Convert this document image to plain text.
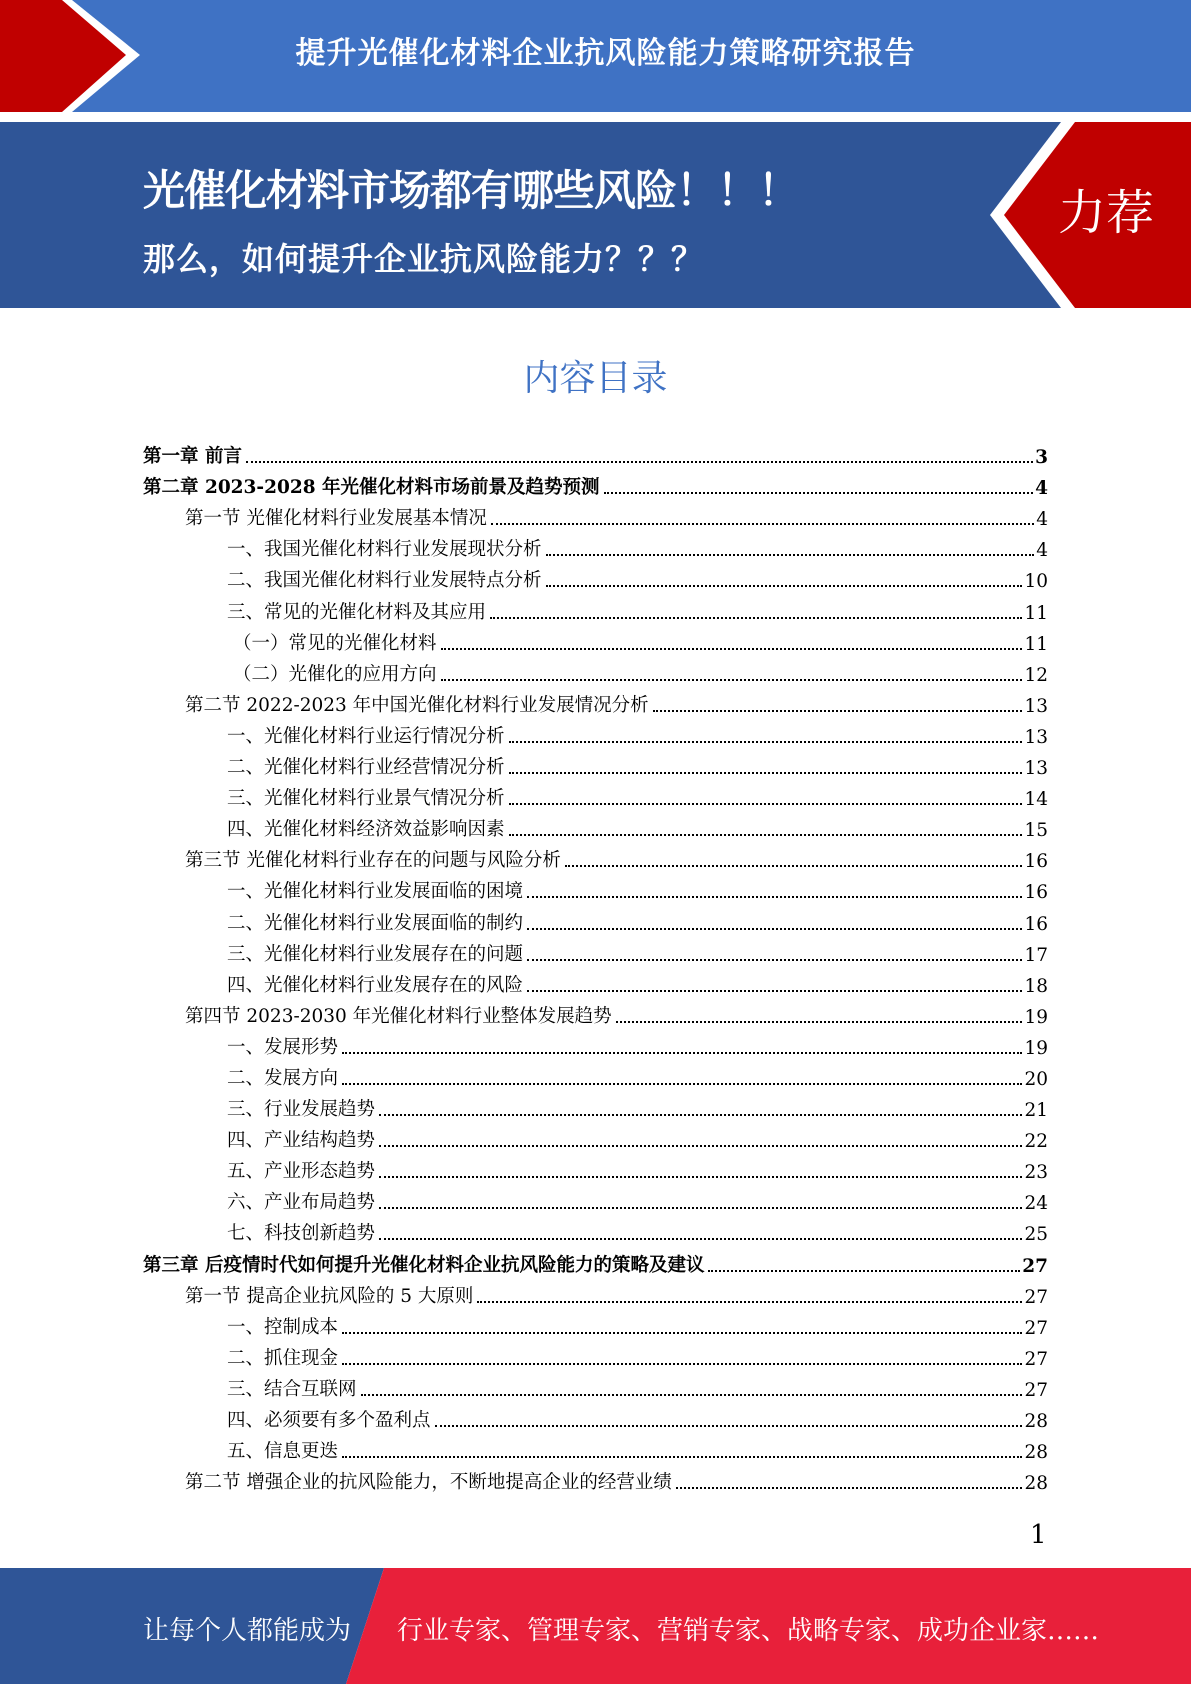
提升光催化材料企业抗风险能力策略研究报告
光催化材料市场都有哪些风险！！！
那么，如何提升企业抗风险能力？？？
力荐
内容目录
第一章 前言	3
第二章 2023-2028 年光催化材料市场前景及趋势预测	4
第一节 光催化材料行业发展基本情况	4
一、我国光催化材料行业发展现状分析	4
二、我国光催化材料行业发展特点分析	10
三、常见的光催化材料及其应用	11
（一）常见的光催化材料	11
（二）光催化的应用方向	12
第二节 2022-2023 年中国光催化材料行业发展情况分析	13
一、光催化材料行业运行情况分析	13
二、光催化材料行业经营情况分析	13
三、光催化材料行业景气情况分析	14
四、光催化材料经济效益影响因素	15
第三节 光催化材料行业存在的问题与风险分析	16
一、光催化材料行业发展面临的困境	16
二、光催化材料行业发展面临的制约	16
三、光催化材料行业发展存在的问题	17
四、光催化材料行业发展存在的风险	18
第四节 2023-2030 年光催化材料行业整体发展趋势	19
一、发展形势	19
二、发展方向	20
三、行业发展趋势	21
四、产业结构趋势	22
五、产业形态趋势	23
六、产业布局趋势	24
七、科技创新趋势	25
第三章 后疫情时代如何提升光催化材料企业抗风险能力的策略及建议	27
第一节 提高企业抗风险的 5 大原则	27
一、控制成本	27
二、抓住现金	27
三、结合互联网	27
四、必须要有多个盈利点	28
五、信息更迭	28
第二节 增强企业的抗风险能力，不断地提高企业的经营业绩	28
1
让每个人都能成为 行业专家、管理专家、营销专家、战略专家、成功企业家……
